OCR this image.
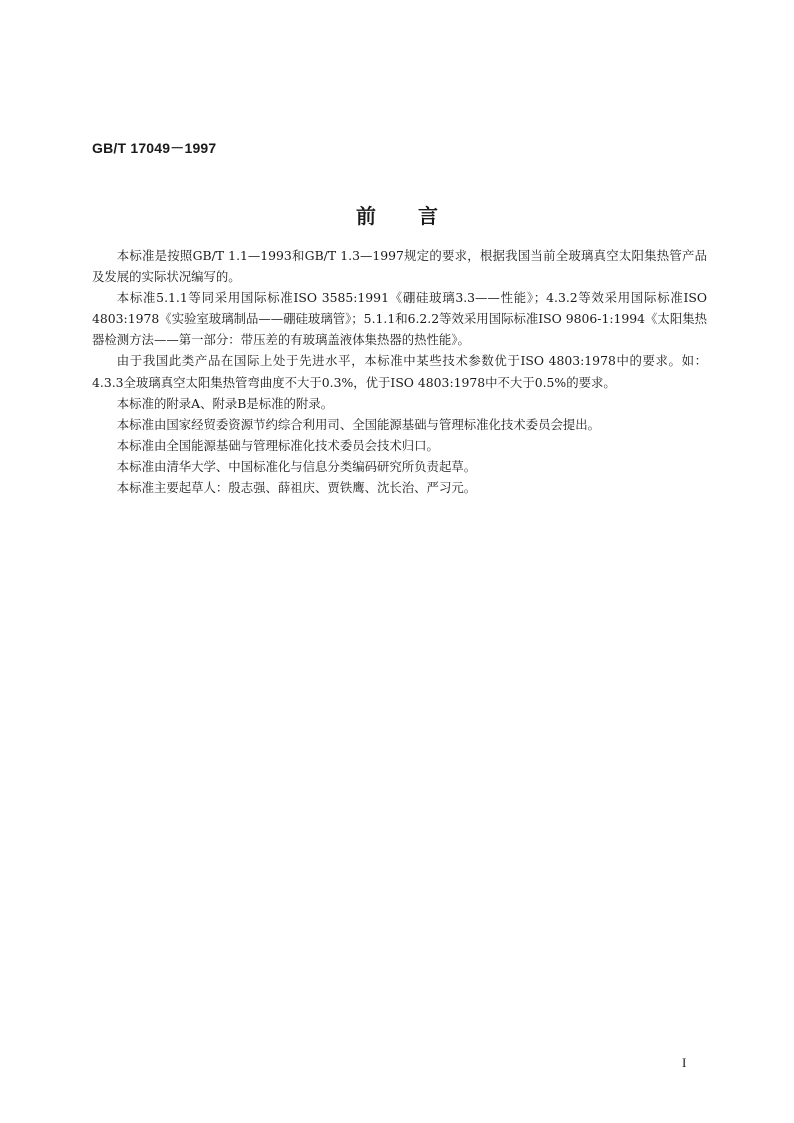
GB/T 17049－1997
前言

本标准是按照GB/T 1.1—1993和GB/T 1.3—1997规定的要求，根据我国当前全玻璃真空太阳集热管产品及发展的实际状况编写的。

本标准5.1.1等同采用国际标准ISO 3585:1991《硼硅玻璃3.3——性能》；4.3.2等效采用国际标准ISO 4803:1978《实验室玻璃制品——硼硅玻璃管》；5.1.1和6.2.2等效采用国际标准ISO 9806-1:1994《太阳集热器检测方法——第一部分：带压差的有玻璃盖液体集热器的热性能》。

由于我国此类产品在国际上处于先进水平，本标准中某些技术参数优于ISO 4803:1978中的要求。如：4.3.3全玻璃真空太阳集热管弯曲度不大于0.3%，优于ISO 4803:1978中不大于0.5%的要求。

本标准的附录A、附录B是标准的附录。

本标准由国家经贸委资源节约综合利用司、全国能源基础与管理标准化技术委员会提出。

本标准由全国能源基础与管理标准化技术委员会技术归口。

本标准由清华大学、中国标准化与信息分类编码研究所负责起草。

本标准主要起草人：殷志强、薛祖庆、贾铁鹰、沈长治、严习元。

I
